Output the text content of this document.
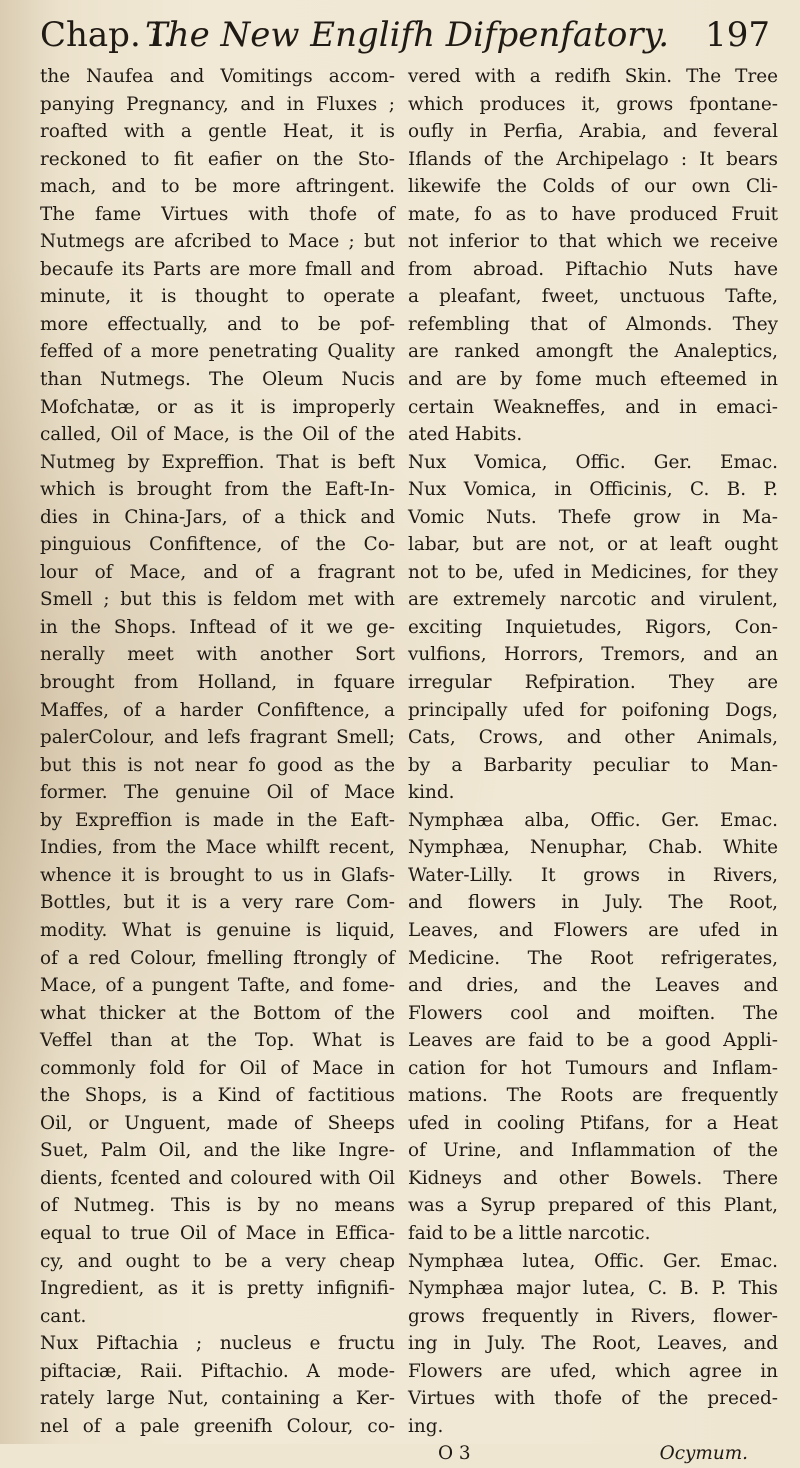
Chap. i.
The New Englifh Difpenfatory. 197
the Naufea and Vomitings accom-
panying Pregnancy, and in Fluxes ;
roafted with a gentle Heat, it is
reckoned to fit eafier on the Sto-
mach, and to be more aftringent.
The fame Virtues with thofe of
Nutmegs are afcribed to Mace ; but
becaufe its Parts are more fmall and
minute, it is thought to operate
more effectually, and to be pof-
feffed of a more penetrating Quality
than Nutmegs. The Oleum Nucis
Mofchatæ, or as it is improperly
called, Oil of Mace, is the Oil of the
Nutmeg by Expreffion. That is beft
which is brought from the Eaft-In-
dies in China-Jars, of a thick and
pinguious Confiftence, of the Co-
lour of Mace, and of a fragrant
Smell ; but this is feldom met with
in the Shops. Inftead of it we ge-
nerally meet with another Sort
brought from Holland, in fquare
Maffes, of a harder Confiftence, a
palerColour, and lefs fragrant Smell;
but this is not near fo good as the
former. The genuine Oil of Mace
by Expreffion is made in the Eaft-
Indies, from the Mace whilft recent,
whence it is brought to us in Glafs-
Bottles, but it is a very rare Com-
modity. What is genuine is liquid,
of a red Colour, fmelling ftrongly of
Mace, of a pungent Tafte, and fome-
what thicker at the Bottom of the
Veffel than at the Top. What is
commonly fold for Oil of Mace in
the Shops, is a Kind of factitious
Oil, or Unguent, made of Sheeps
Suet, Palm Oil, and the like Ingre-
dients, fcented and coloured with Oil
of Nutmeg. This is by no means
equal to true Oil of Mace in Effica-
cy, and ought to be a very cheap
Ingredient, as it is pretty infignifi-
cant.
Nux Piftachia ; nucleus e fructu
piftaciæ, Raii. Piftachio. A mode-
rately large Nut, containing a Ker-
nel of a pale greenifh Colour, co-
vered with a redifh Skin. The Tree
which produces it, grows fpontane-
oufly in Perfia, Arabia, and feveral
Iflands of the Archipelago : It bears
likewife the Colds of our own Cli-
mate, fo as to have produced Fruit
not inferior to that which we receive
from abroad. Piftachio Nuts have
a pleafant, fweet, unctuous Tafte,
refembling that of Almonds. They
are ranked amongft the Analeptics,
and are by fome much efteemed in
certain Weakneffes, and in emaci-
ated Habits.
Nux Vomica, Offic. Ger. Emac.
Nux Vomica, in Officinis, C. B. P.
Vomic Nuts. Thefe grow in Ma-
labar, but are not, or at leaft ought
not to be, ufed in Medicines, for they
are extremely narcotic and virulent,
exciting Inquietudes, Rigors, Con-
vulfions, Horrors, Tremors, and an
irregular Refpiration. They are
principally ufed for poifoning Dogs,
Cats, Crows, and other Animals,
by a Barbarity peculiar to Man-
kind.
Nymphæa alba, Offic. Ger. Emac.
Nymphæa, Nenuphar, Chab. White
Water-Lilly. It grows in Rivers,
and flowers in July. The Root,
Leaves, and Flowers are ufed in
Medicine. The Root refrigerates,
and dries, and the Leaves and
Flowers cool and moiften. The
Leaves are faid to be a good Appli-
cation for hot Tumours and Inflam-
mations. The Roots are frequently
ufed in cooling Ptifans, for a Heat
of Urine, and Inflammation of the
Kidneys and other Bowels. There
was a Syrup prepared of this Plant,
faid to be a little narcotic.
Nymphæa lutea, Offic. Ger. Emac.
Nymphæa major lutea, C. B. P. This
grows frequently in Rivers, flower-
ing in July. The Root, Leaves, and
Flowers are ufed, which agree in
Virtues with thofe of the preced-
ing.
O 3	Ocymum.
